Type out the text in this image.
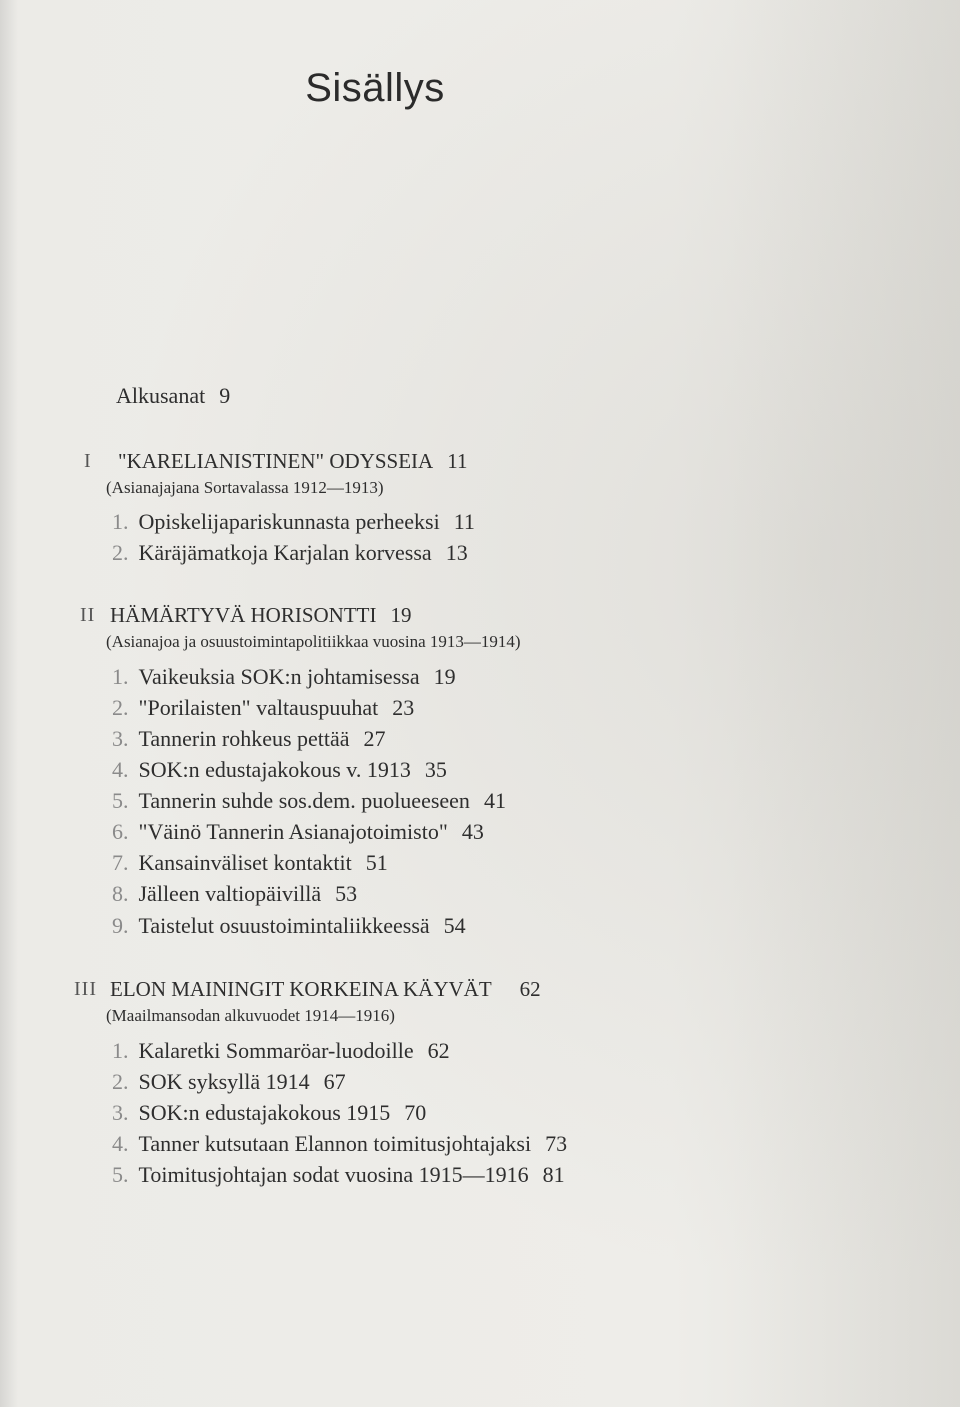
Sisällys
Alkusanat 9
I "KARELIANISTINEN" ODYSSEIA 11
(Asianajajana Sortavalassa 1912—1913)
1. Opiskelijapariskunnasta perheeksi 11
2. Käräjämatkoja Karjalan korvessa 13
II HÄMÄRTYVÄ HORISONTTI 19
(Asianajoa ja osuustoimintapolitiikkaa vuosina 1913—1914)
1. Vaikeuksia SOK:n johtamisessa 19
2. "Porilaisten" valtauspuuhat 23
3. Tannerin rohkeus pettää 27
4. SOK:n edustajakokous v. 1913 35
5. Tannerin suhde sos.dem. puolueeseen 41
6. "Väinö Tannerin Asianajotoimisto" 43
7. Kansainväliset kontaktit 51
8. Jälleen valtiopäivillä 53
9. Taistelut osuustoimintaliikkeessä 54
III ELON MAININGIT KORKEINA KÄYVÄT 62
(Maailmansodan alkuvuodet 1914—1916)
1. Kalaretki Sommaröar-luodoille 62
2. SOK syksyllä 1914 67
3. SOK:n edustajakokous 1915 70
4. Tanner kutsutaan Elannon toimitusjohtajaksi 73
5. Toimitusjohtajan sodat vuosina 1915—1916 81
